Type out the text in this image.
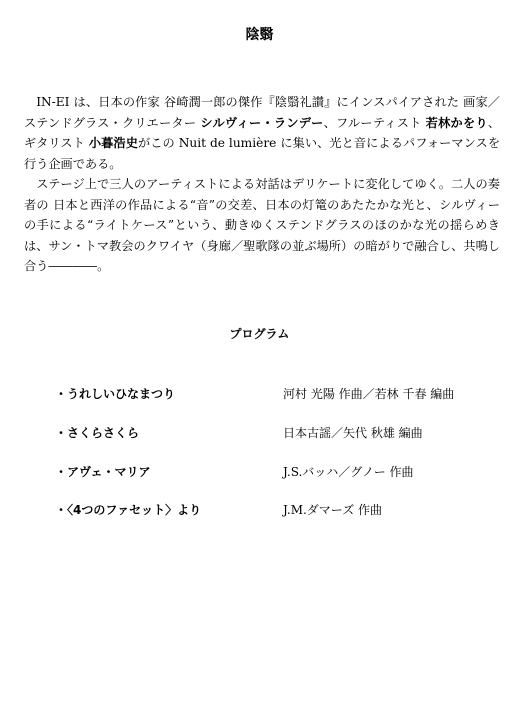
陰翳

IN-EI は、日本の作家 谷崎潤一郎の傑作『陰翳礼讃』にインスパイアされた 画家／ステンドグラス・クリエーター シルヴィー・ランデー、フルーティスト 若林かをり、ギタリスト 小暮浩史がこの Nuit de lumière に集い、光と音によるパフォーマンスを行う企画である。

ステージ上で三人のアーティストによる対話はデリケートに変化してゆく。二人の奏者の 日本と西洋の作品による“音”の交差、日本の灯篭のあたたかな光と、シルヴィーの手による“ライトケース”という、動きゆくステンドグラスのほのかな光の揺らめきは、サン・トマ教会のクワイヤ（身廊／聖歌隊の並ぶ場所）の暗がりで融合し、共鳴し合う――――。

プログラム
・うれしいひなまつり	河村 光陽 作曲／若林 千春 編曲
・さくらさくら	日本古謡／矢代 秋雄 編曲
・アヴェ・マリア	J.S.バッハ／グノー 作曲
・〈4つのファセット〉より	J.M.ダマーズ 作曲
